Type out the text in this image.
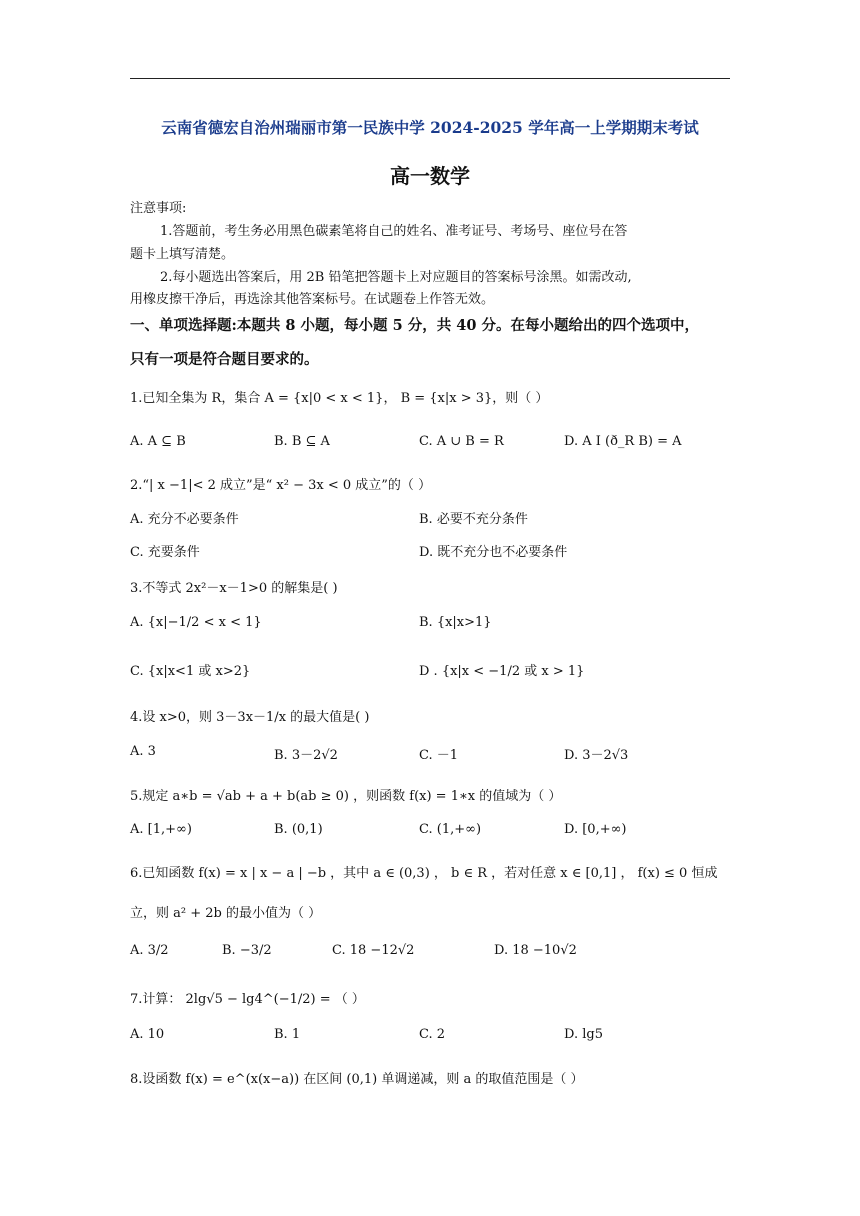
云南省德宏自治州瑞丽市第一民族中学 2024-2025 学年高一上学期期末考试
高一数学
注意事项:
1.答题前，考生务必用黑色碳素笔将自己的姓名、准考证号、考场号、座位号在答
题卡上填写清楚。
2.每小题选出答案后，用 2B 铅笔把答题卡上对应题目的答案标号涂黑。如需改动,
用橡皮擦干净后，再选涂其他答案标号。在试题卷上作答无效。
一、单项选择题:本题共 8 小题，每小题 5 分，共 40 分。在每小题给出的四个选项中，
只有一项是符合题目要求的。
1.已知全集为 R，集合 A = {x|0 < x < 1}， B = {x|x > 3}，则（ ）
A. A ⊆ B	B. B ⊆ A	C. A ∪ B = R	D. A I (ð_R B) = A
2.“| x −1|< 2 成立”是“ x² − 3x < 0 成立”的（ ）
A. 充分不必要条件	B. 必要不充分条件
C. 充要条件	D. 既不充分也不必要条件
3.不等式 2x²－x－1>0 的解集是( )
A. {x|−1/2 < x < 1}	B. {x|x>1}
C. {x|x<1 或 x>2}	D . {x|x < −1/2 或 x > 1}
4.设 x>0，则 3－3x－1/x 的最大值是( )
A. 3	B. 3－2√2	C. －1	D. 3－2√3
5.规定 a∗b = √ab + a + b(ab ≥ 0) ，则函数 f(x) = 1∗x 的值域为（ ）
A. [1,+∞)	B. (0,1)	C. (1,+∞)	D. [0,+∞)
6.已知函数 f(x) = x | x − a | −b ，其中 a ∈ (0,3) ， b ∈ R ，若对任意 x ∈ [0,1] ， f(x) ≤ 0 恒成
立，则 a² + 2b 的最小值为（ ）
A. 3/2	B. −3/2	C. 18 −12√2	D. 18 −10√2
7.计算： 2lg√5 − lg4^(−1/2) = （ ）
A. 10	B. 1	C. 2	D. lg5
8.设函数 f(x) = e^(x(x−a)) 在区间 (0,1) 单调递减，则 a 的取值范围是（ ）
